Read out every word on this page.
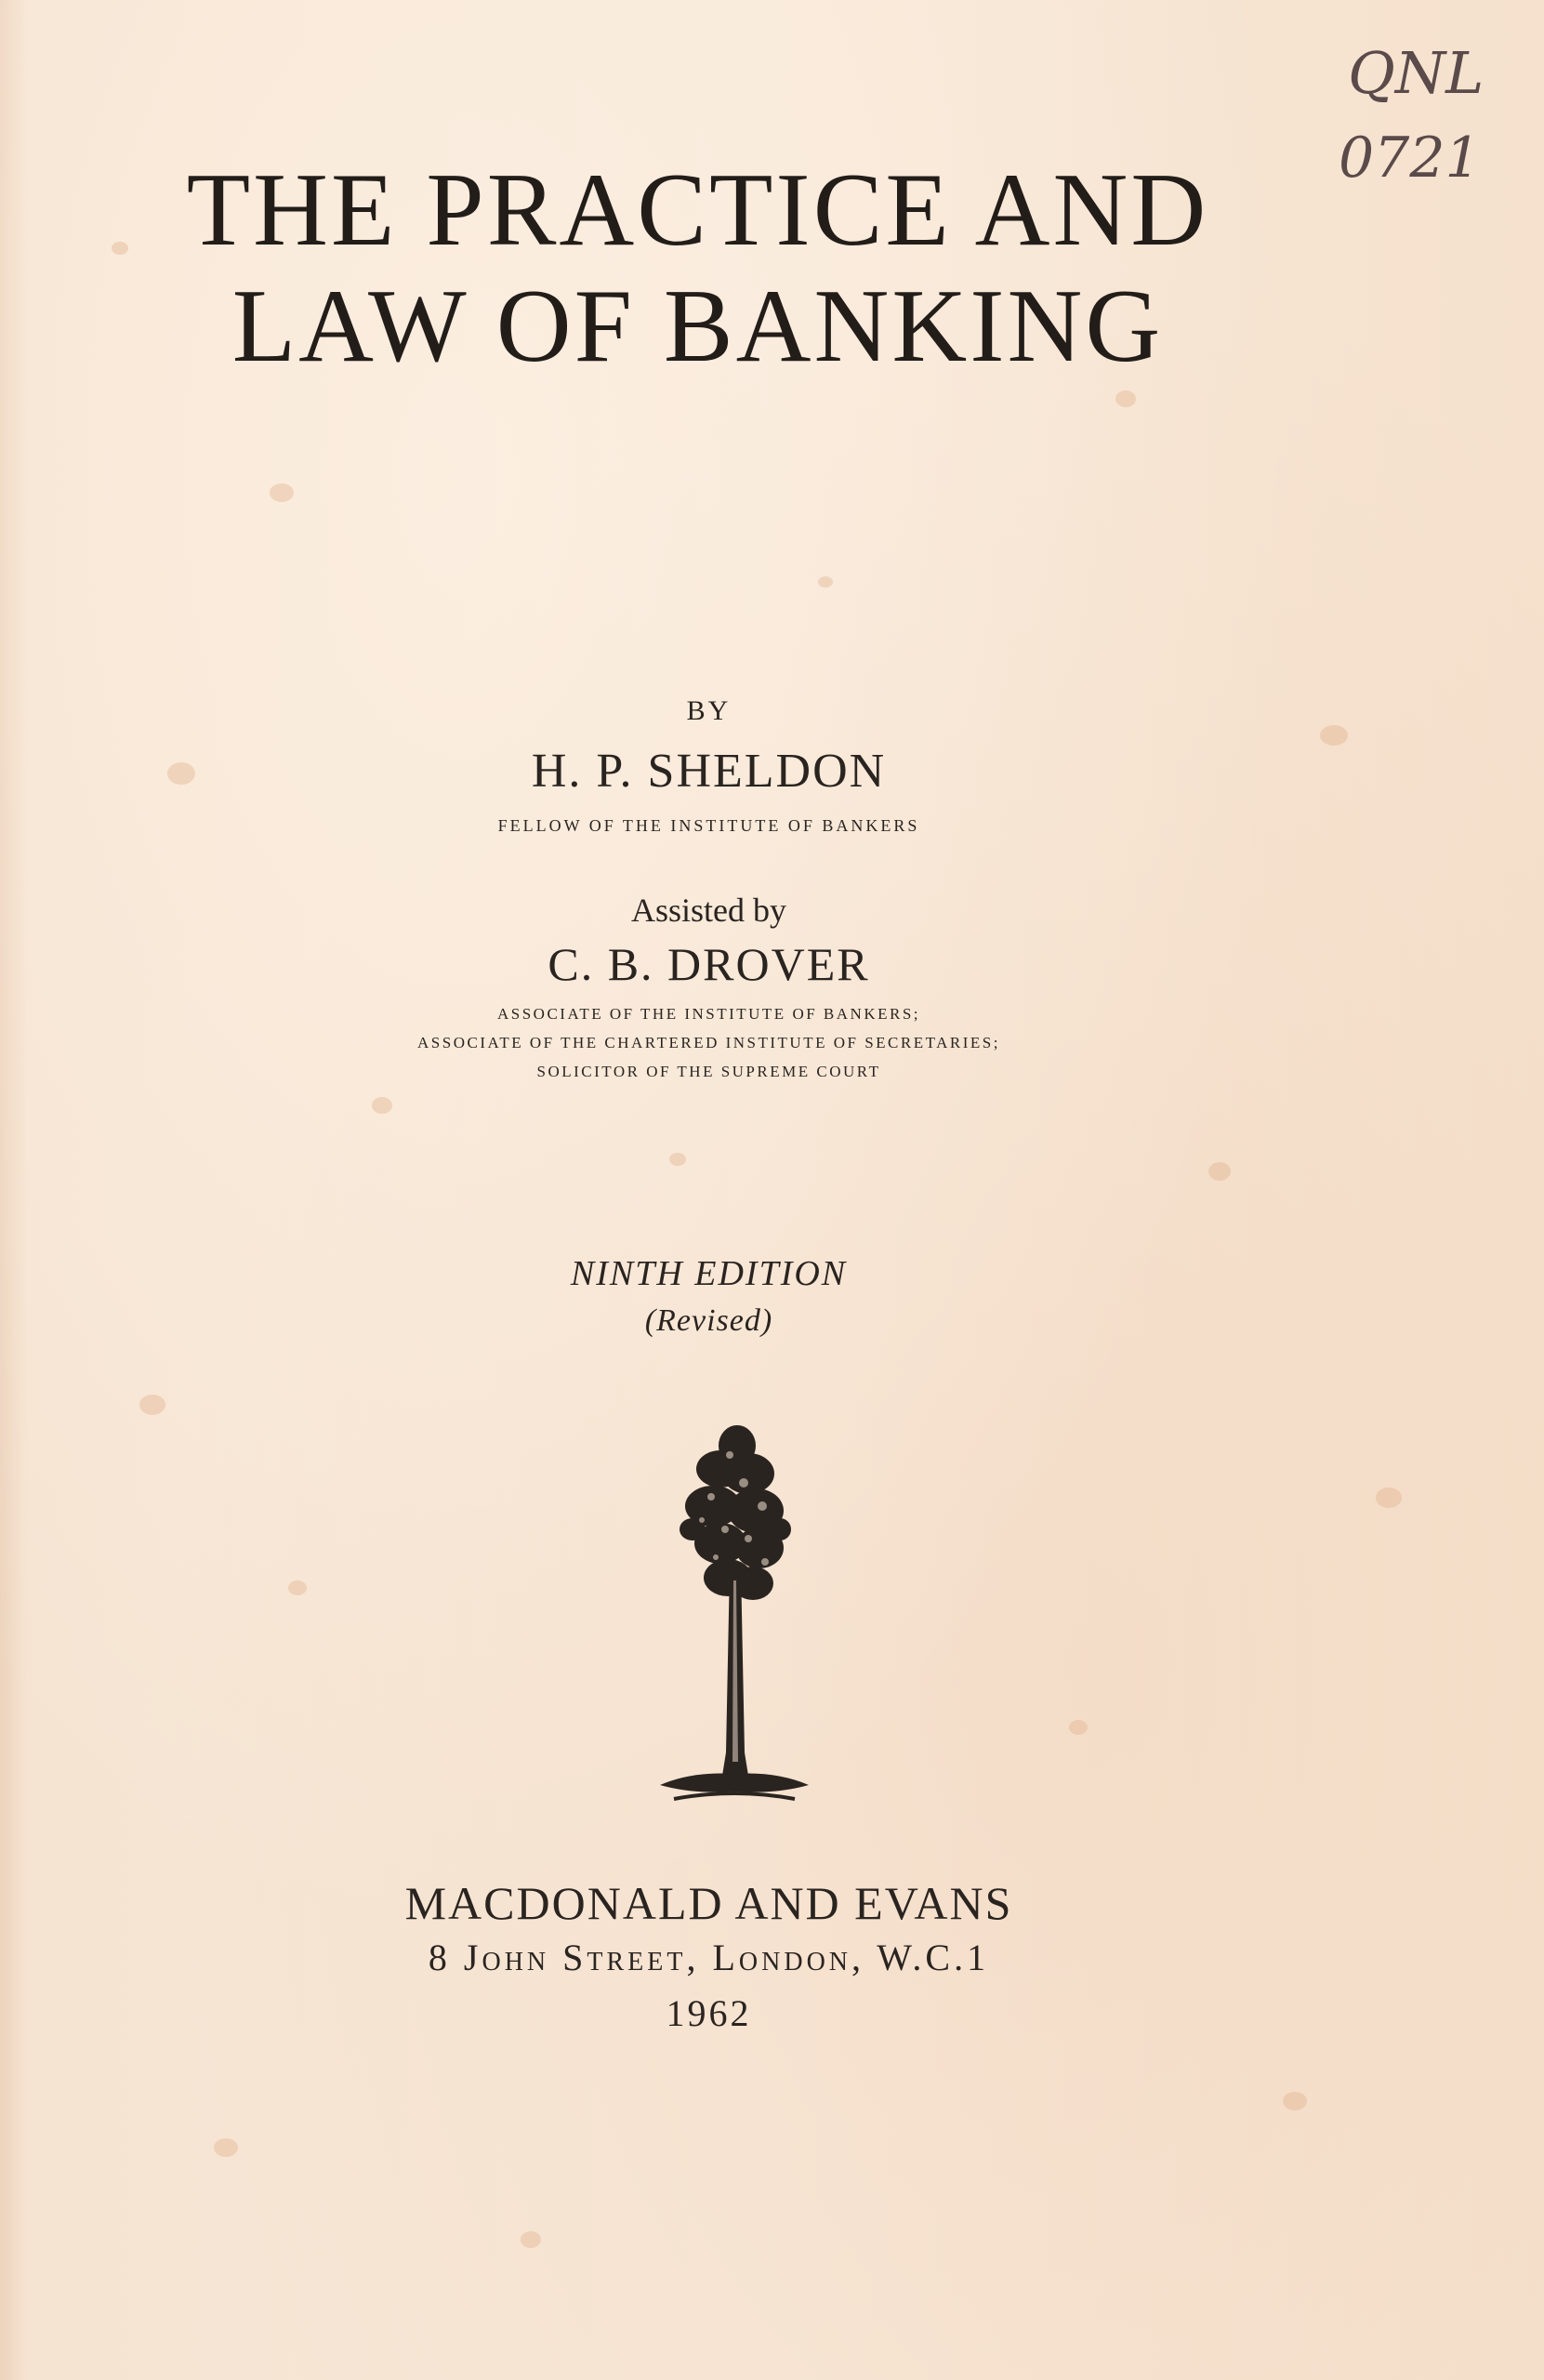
QNL
0721
THE PRACTICE AND
LAW OF BANKING

BY

H. P. SHELDON

FELLOW OF THE INSTITUTE OF BANKERS

Assisted by

C. B. DROVER

ASSOCIATE OF THE INSTITUTE OF BANKERS;

ASSOCIATE OF THE CHARTERED INSTITUTE OF SECRETARIES;

SOLICITOR OF THE SUPREME COURT

NINTH EDITION

(Revised)

MACDONALD AND EVANS

8 John Street, London, W.C.1

1962
